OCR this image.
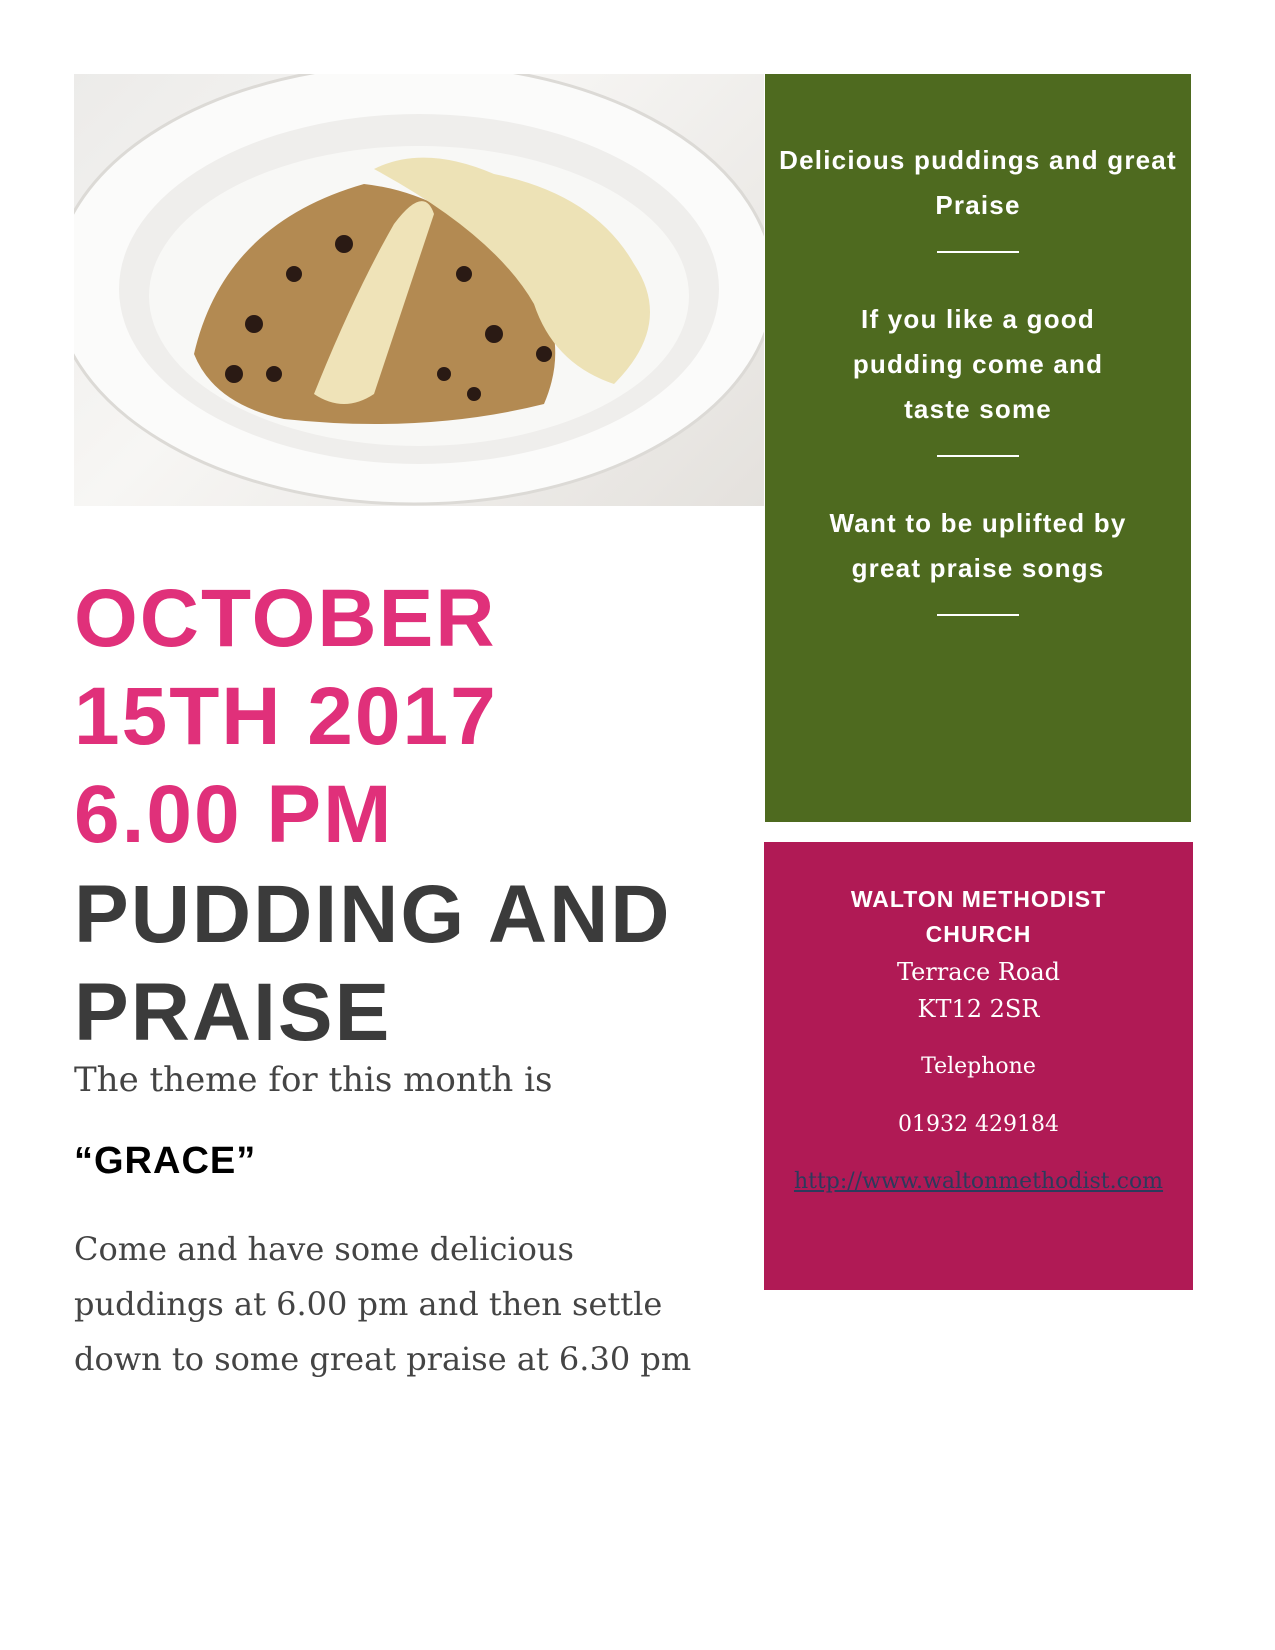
Delicious puddings and great Praise

If you like a good pudding come and taste some

Want to be uplifted by great praise songs

OCTOBER
15TH 2017
6.00 PM
PUDDING AND
PRAISE
The theme for this month is
“GRACE”
Come and have some delicious puddings at 6.00 pm and then settle down to some great praise at 6.30 pm
WALTON METHODIST CHURCH
Terrace Road
KT12 2SR
Telephone
01932 429184
http://www.waltonmethodist.com
